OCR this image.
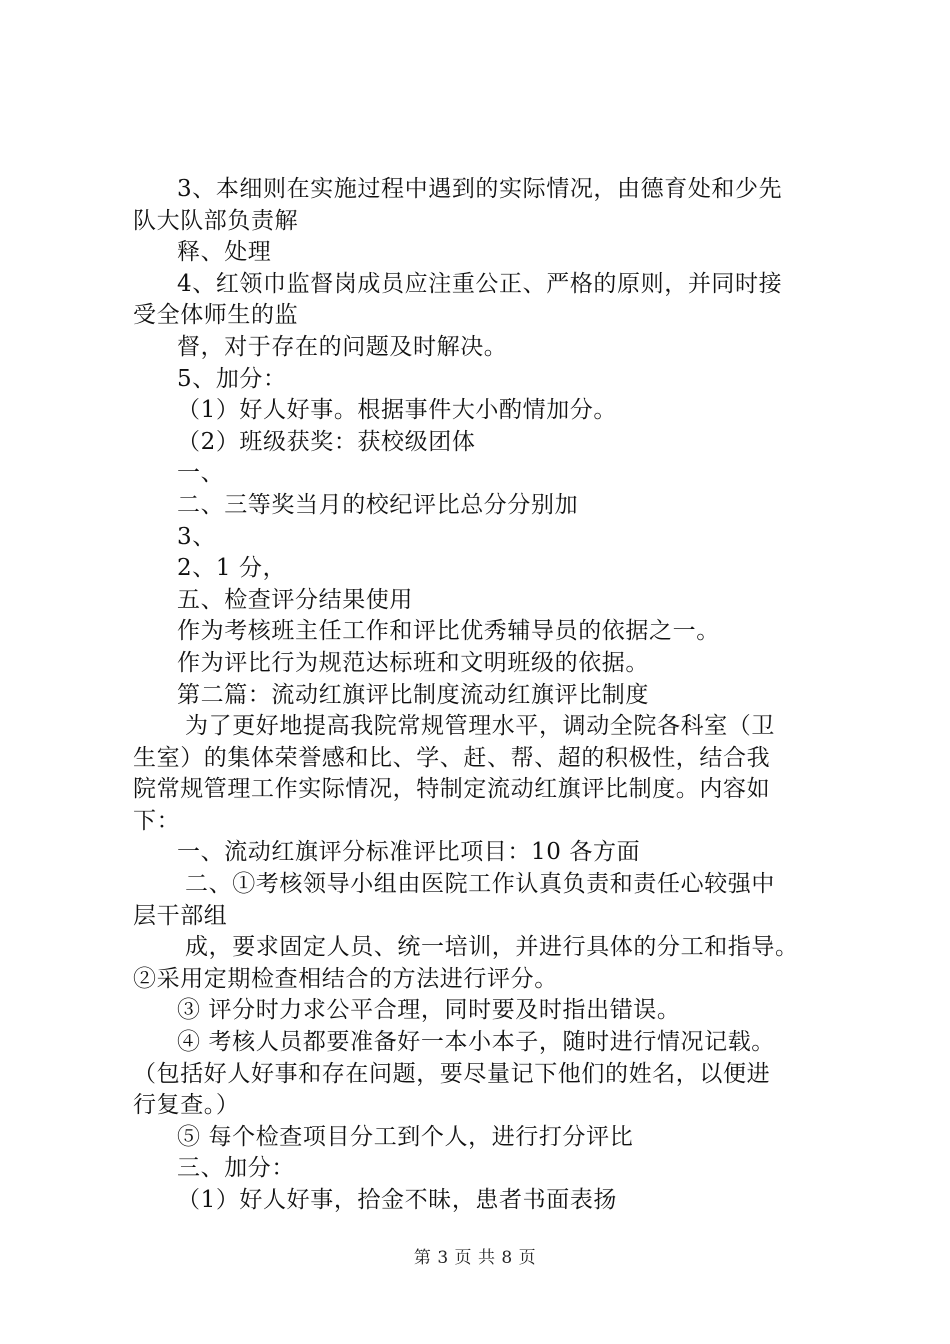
3、本细则在实施过程中遇到的实际情况，由德育处和少先
队大队部负责解
释、处理
4、红领巾监督岗成员应注重公正、严格的原则，并同时接
受全体师生的监
督，对于存在的问题及时解决。
5、加分：
（1）好人好事。根据事件大小酌情加分。
（2）班级获奖：获校级团体
一、
二、三等奖当月的校纪评比总分分别加
3、
2、1 分，
五、检查评分结果使用
作为考核班主任工作和评比优秀辅导员的依据之一。
作为评比行为规范达标班和文明班级的依据。
第二篇：流动红旗评比制度流动红旗评比制度
为了更好地提高我院常规管理水平，调动全院各科室（卫
生室）的集体荣誉感和比、学、赶、帮、超的积极性，结合我
院常规管理工作实际情况，特制定流动红旗评比制度。内容如
下：
一、流动红旗评分标准评比项目：10 各方面
二、①考核领导小组由医院工作认真负责和责任心较强中
层干部组
成，要求固定人员、统一培训，并进行具体的分工和指导。
②采用定期检查相结合的方法进行评分。
③ 评分时力求公平合理，同时要及时指出错误。
④ 考核人员都要准备好一本小本子，随时进行情况记载。
（包括好人好事和存在问题，要尽量记下他们的姓名，以便进
行复查。）
⑤ 每个检查项目分工到个人，进行打分评比
三、加分：
（1）好人好事，拾金不昧，患者书面表扬
第 3 页 共 8 页
